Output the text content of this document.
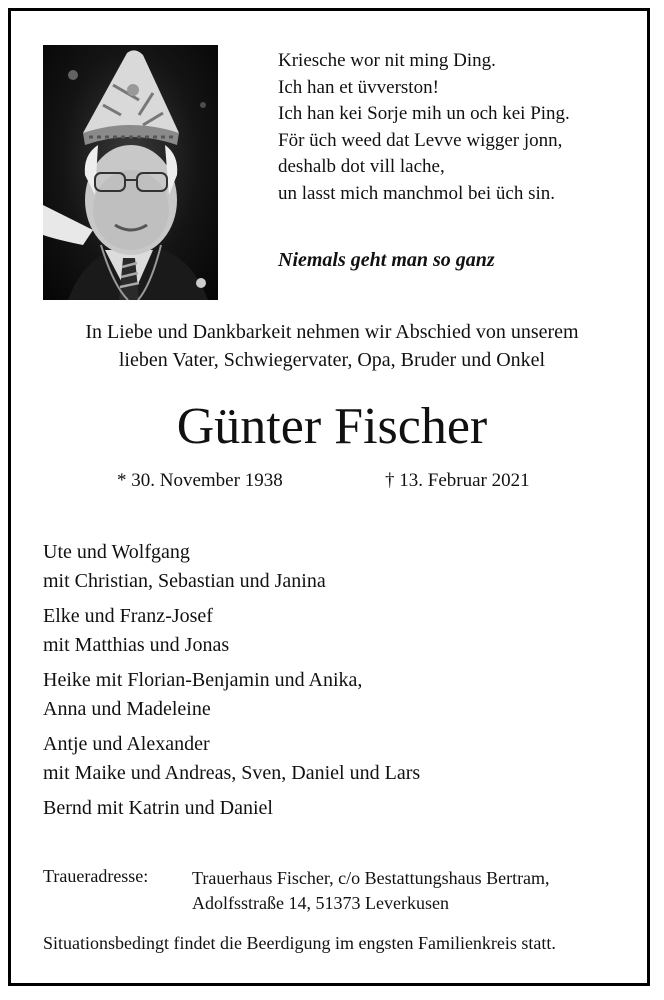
Kriesche wor nit ming Ding.
Ich han et üvverston!
Ich han kei Sorje mih un och kei Ping.
För üch weed dat Levve wigger jonn,
deshalb dot vill lache,
un lasst mich manchmol bei üch sin.
Niemals geht man so ganz
In Liebe und Dankbarkeit nehmen wir Abschied von unserem
lieben Vater, Schwiegervater, Opa, Bruder und Onkel
Günter Fischer
* 30. November 1938	† 13. Februar 2021
Ute und Wolfgang
mit Christian, Sebastian und Janina
Elke und Franz-Josef
mit Matthias und Jonas
Heike mit Florian-Benjamin und Anika,
Anna und Madeleine
Antje und Alexander
mit Maike und Andreas, Sven, Daniel und Lars
Bernd mit Katrin und Daniel
Traueradresse: Trauerhaus Fischer, c/o Bestattungshaus Bertram,
Adolfsstraße 14, 51373 Leverkusen
Situationsbedingt findet die Beerdigung im engsten Familienkreis statt.
